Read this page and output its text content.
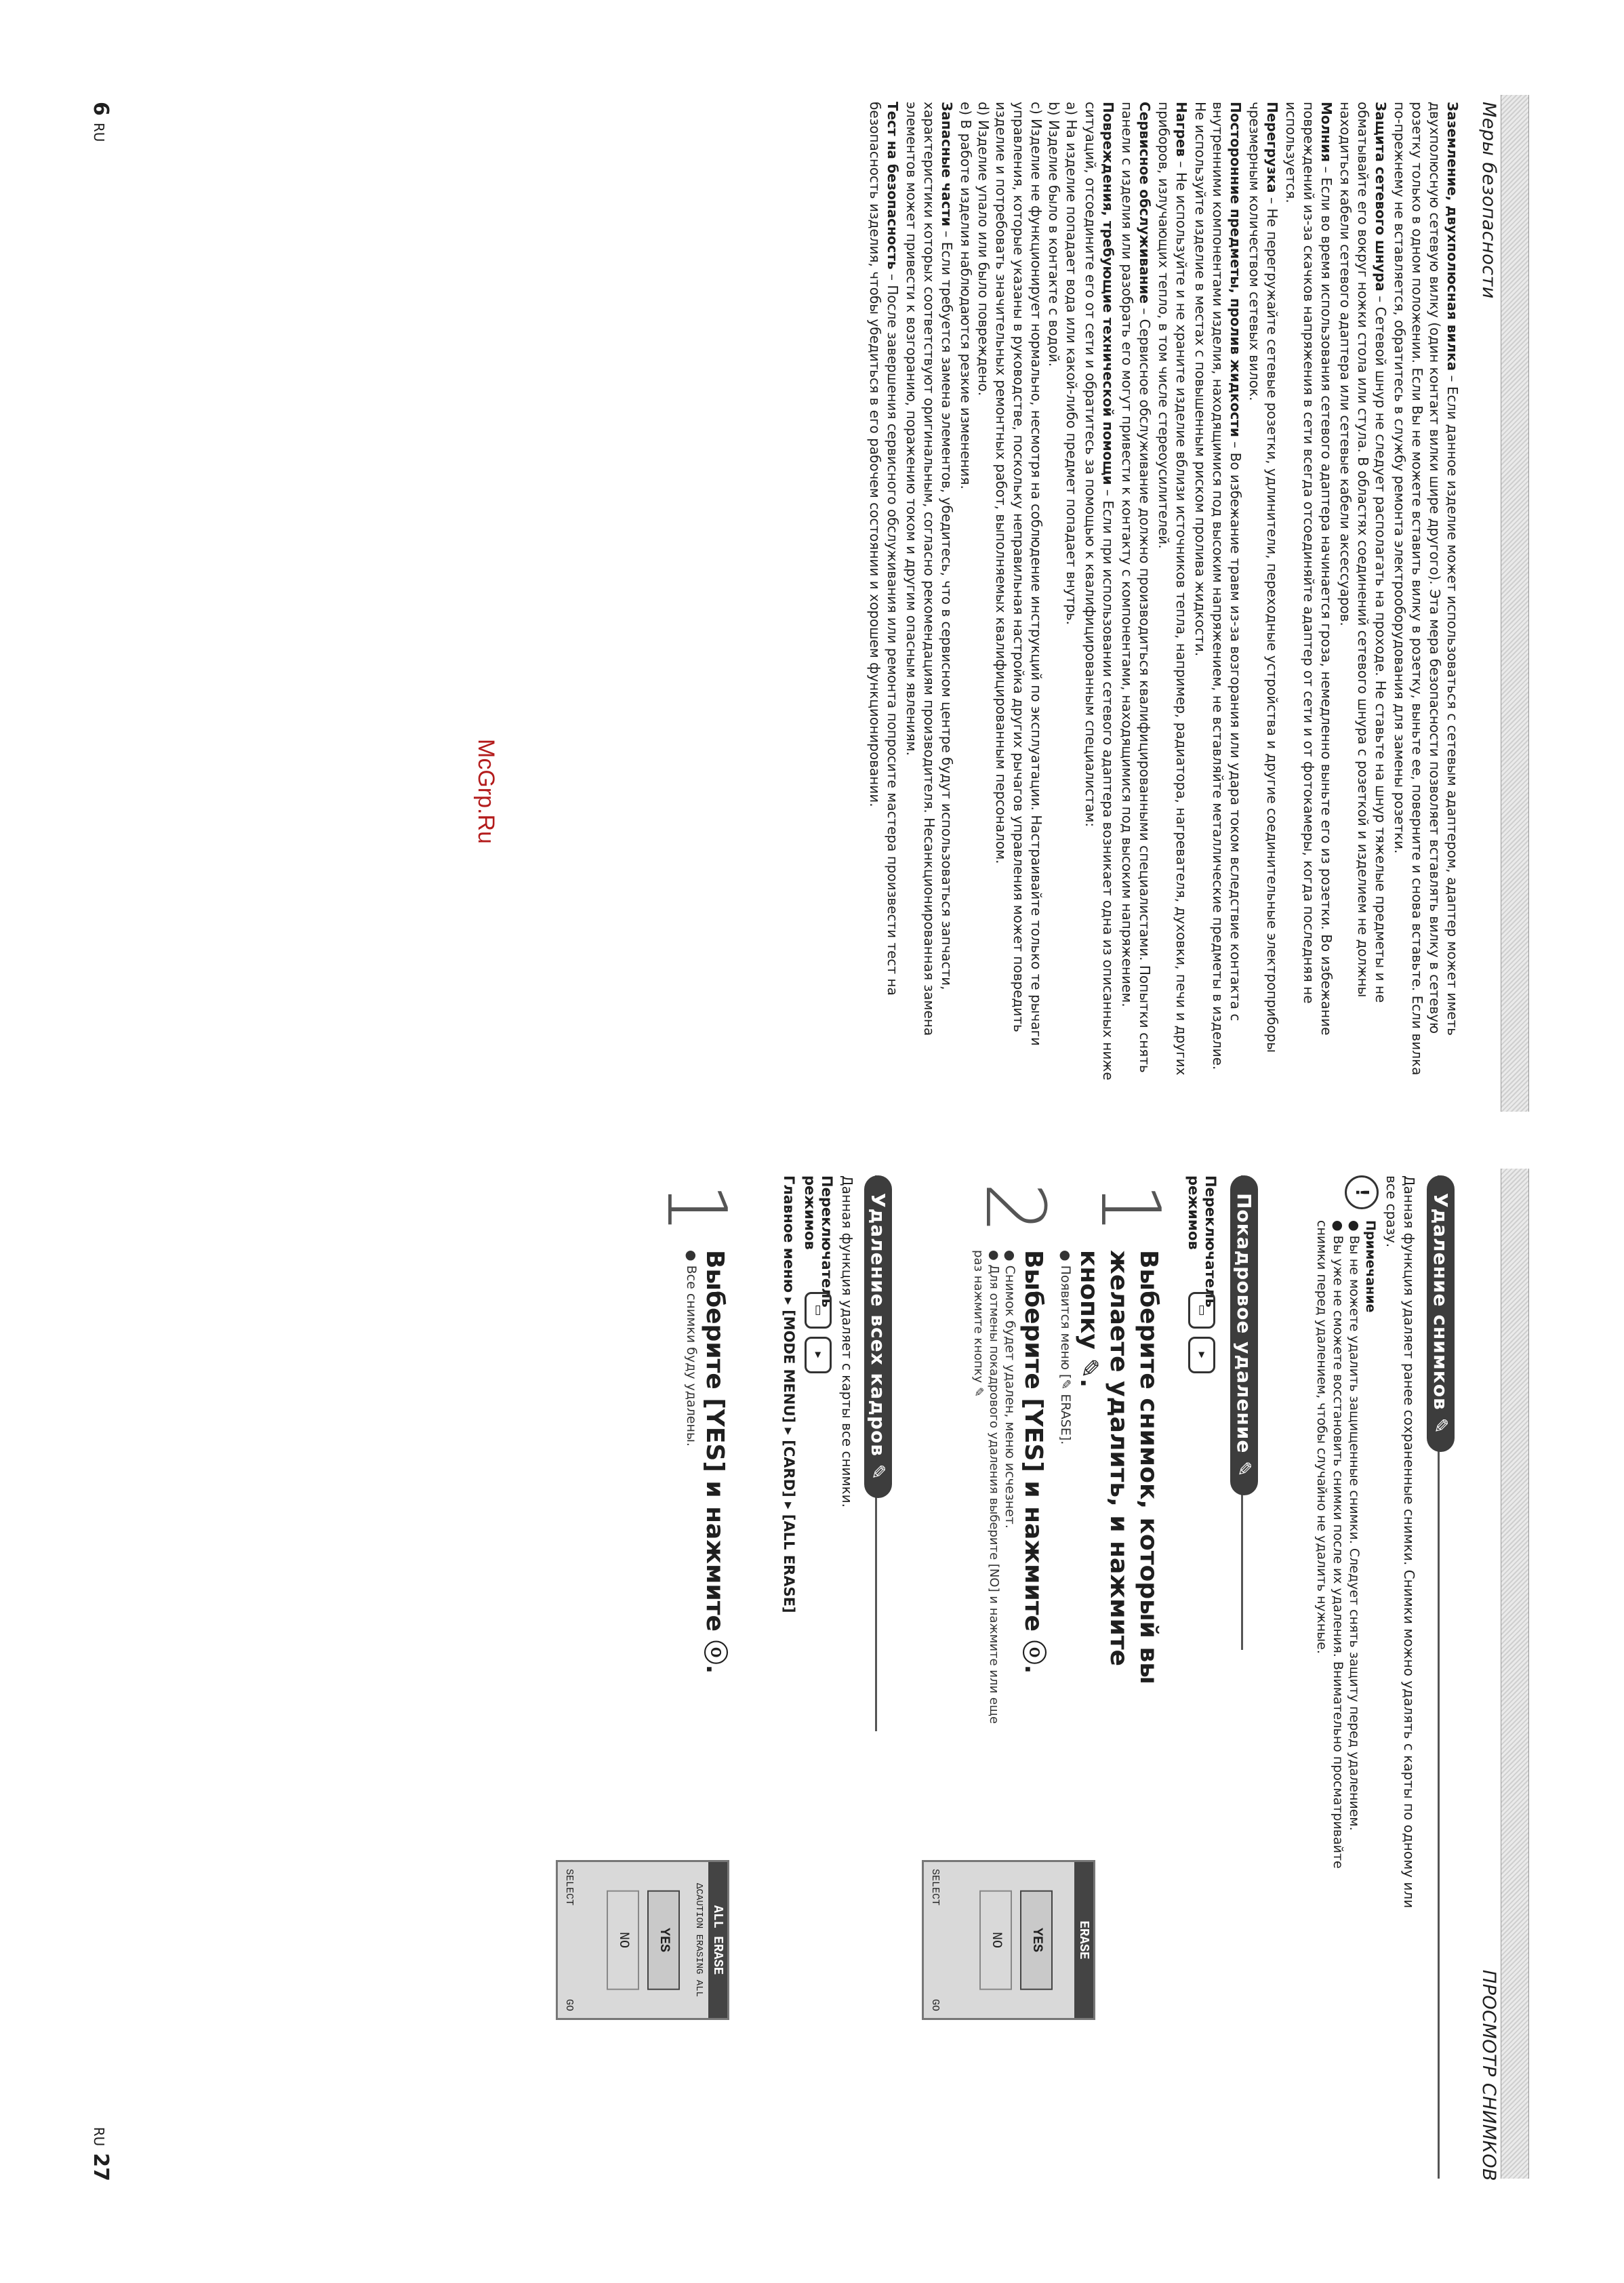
McGrp.Ru
Меры безопасности

Заземление, двухполюсная вилка – Если данное изделие может использоваться с сетевым адаптером, адаптер может иметь двухполюсную сетевую вилку (один контакт вилки шире другого). Эта мера безопасности позволяет вставлять вилку в сетевую розетку только в одном положении. Если Вы не можете вставить вилку в розетку, выньте ее, поверните и снова вставьте. Если вилка по-прежнему не вставляется, обратитесь в службу ремонта электрооборудования для замены розетки.

Защита сетевого шнура – Сетевой шнур не следует располагать на проходе. Не ставьте на шнур тяжелые предметы и не обматывайте его вокруг ножки стола или стула. В областях соединений сетевого шнура с розеткой и изделием не должны находиться кабели сетевого адаптера или сетевые кабели аксессуаров.

Молния – Если во время использования сетевого адаптера начинается гроза, немедленно выньте его из розетки. Во избежание повреждений из-за скачков напряжения в сети всегда отсоединяйте адаптер от сети и от фотокамеры, когда последняя не используется.

Перегрузка – Не перегружайте сетевые розетки, удлинители, переходные устройства и другие соединительные электроприборы чрезмерным количеством сетевых вилок.

Посторонние предметы, пролив жидкости – Во избежание травм из-за возгорания или удара током вследствие контакта с внутренними компонентами изделия, находящимися под высоким напряжением, не вставляйте металлические предметы в изделие. Не используйте изделие в местах с повышенным риском пролива жидкости.

Нагрев – Не используйте и не храните изделие вблизи источников тепла, например, радиатора, нагревателя, духовки, печи и других приборов, излучающих тепло, в том числе стереоусилителей.

Сервисное обслуживание – Сервисное обслуживание должно производиться квалифицированными специалистами. Попытки снять панели с изделия или разобрать его могут привести к контакту с компонентами, находящимися под высоким напряжением.

Повреждения, требующие технической помощи – Если при использовании сетевого адаптера возникает одна из описанных ниже ситуаций, отсоедините его от сети и обратитесь за помощью к квалифицированным специалистам:

a) На изделие попадает вода или какой-либо предмет попадает внутрь.

b) Изделие было в контакте с водой.

c) Изделие не функционирует нормально, несмотря на соблюдение инструкций по эксплуатации. Настраивайте только те рычаги управления, которые указаны в руководстве, поскольку неправильная настройка других рычагов управления может повредить изделие и потребовать значительных ремонтных работ, выполняемых квалифицированным персоналом.

d) Изделие упало или было повреждено.

e) В работе изделия наблюдаются резкие изменения.

Запасные части – Если требуется замена элементов, убедитесь, что в сервисном центре будут использоваться запчасти, характеристики которых соответствуют оригинальным, согласно рекомендациям производителя. Несанкционированная замена элементов может привести к возгоранию, поражению током и другим опасным явлениям.

Тест на безопасность – После завершения сервисного обслуживания или ремонта попросите мастера произвести тест на безопасность изделия, чтобы убедиться в его рабочем состоянии и хорошем функционировании.

6RU
ПРОСМОТР СНИМКОВ
Удаление снимков ✎

Данная функция удаляет ранее сохраненные снимки. Снимки можно удалять с карты по одному или все сразу.

!
Примечание
● Вы не можете удалить защищенные снимки. Следует снять защиту перед удалением.
● Вы уже не сможете восстановить снимки после их удаления. Внимательно просматривайте снимки перед удалением, чтобы случайно не удалить нужные.
Покадровое удаление ✎
Переключатель режимов
▭
▸
1
Выберите снимок, который вы желаете удалить, и нажмите кнопку ✎.
● Появится меню [✎ ERASE].
2
Выберите [YES] и нажмите ⓞ.
● Снимок будет удален, меню исчезнет.
● Для отмены покадрового удаления выберите [NO] и нажмите или еще раз нажмите кнопку ✎
ERASE
YES
NO
SELECT
GO
Удаление всех кадров ✎

Данная функция удаляет с карты все снимки.

Переключатель режимов
▭
▸
Главное меню ▸ [MODE MENU] ▸ [CARD] ▸ [ALL ERASE]
1
Выберите [YES] и нажмите ⓞ.
● Все снимки буду удалены.
ALL ERASE
ΔCAUTION ERASING ALL
YES
NO
SELECT
GO
RU27
